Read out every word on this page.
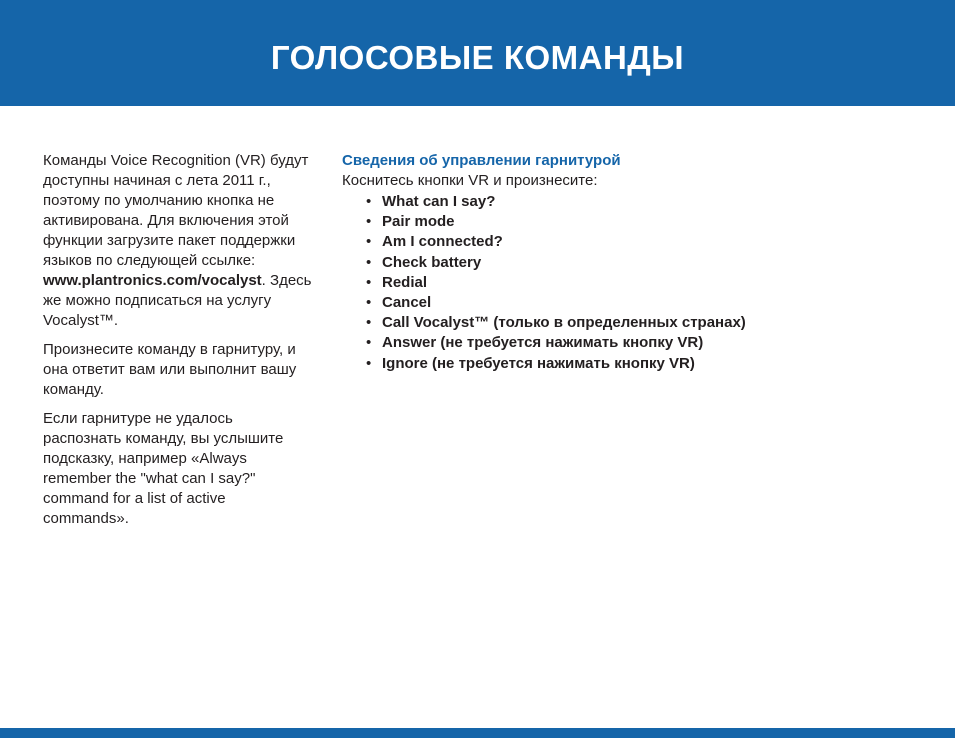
ГОЛОСОВЫЕ КОМАНДЫ

Команды Voice Recognition (VR) будут доступны начиная с лета 2011 г., поэтому по умолчанию кнопка не активирована. Для включения этой функции загрузите пакет поддержки языков по следующей ссылке: www.plantronics.com/vocalyst. Здесь же можно подписаться на услугу Vocalyst™.

Произнесите команду в гарнитуру, и она ответит вам или выполнит вашу команду.

Если гарнитуре не удалось распознать команду, вы услышите подсказку, например «Always remember the "what can I say?" command for a list of active commands».

Сведения об управлении гарнитурой

Коснитесь кнопки VR и произнесите:

• What can I say?
• Pair mode
• Am I connected?
• Check battery
• Redial
• Cancel
• Call Vocalyst™ (только в определенных странах)
• Answer (не требуется нажимать кнопку VR)
• Ignore (не требуется нажимать кнопку VR)
